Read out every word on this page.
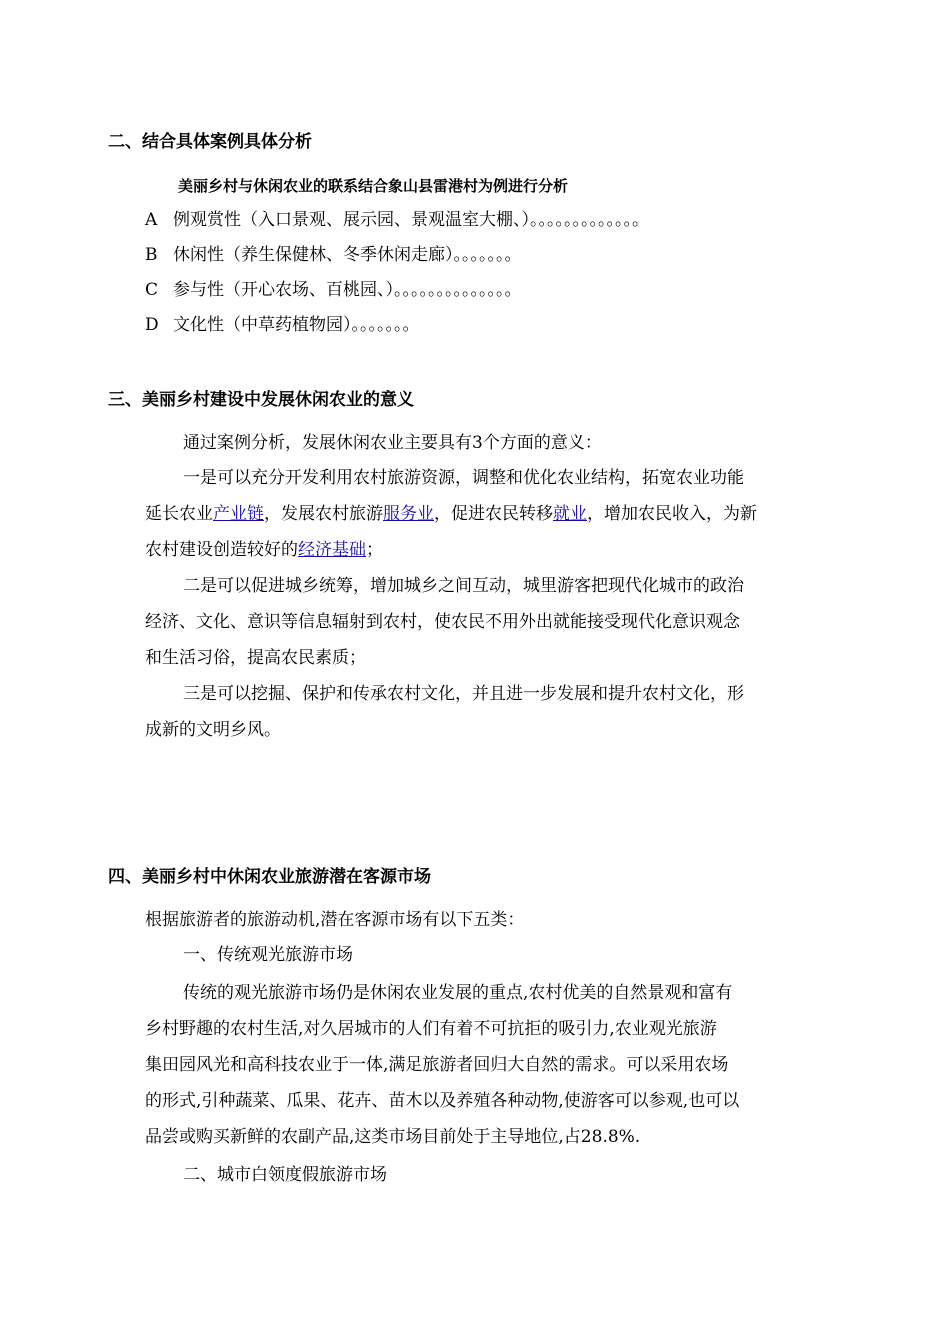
二、结合具体案例具体分析
美丽乡村与休闲农业的联系结合象山县雷港村为例进行分析
A 例观赏性（入口景观、展示园、景观温室大棚、）。。。。。。。。。。。。。
B 休闲性（养生保健林、冬季休闲走廊）。。。。。。。
C 参与性（开心农场、百桃园、）。。。。。。。。。。。。。。
D 文化性（中草药植物园）。。。。。。。
三、美丽乡村建设中发展休闲农业的意义
通过案例分析，发展休闲农业主要具有3个方面的意义：
一是可以充分开发利用农村旅游资源，调整和优化农业结构，拓宽农业功能
延长农业产业链，发展农村旅游服务业，促进农民转移就业，增加农民收入，为新
农村建设创造较好的经济基础；
二是可以促进城乡统筹，增加城乡之间互动，城里游客把现代化城市的政治
经济、文化、意识等信息辐射到农村，使农民不用外出就能接受现代化意识观念
和生活习俗，提高农民素质；
三是可以挖掘、保护和传承农村文化，并且进一步发展和提升农村文化，形
成新的文明乡风。
四、美丽乡村中休闲农业旅游潜在客源市场
根据旅游者的旅游动机,潜在客源市场有以下五类：
一、传统观光旅游市场
传统的观光旅游市场仍是休闲农业发展的重点,农村优美的自然景观和富有
乡村野趣的农村生活,对久居城市的人们有着不可抗拒的吸引力,农业观光旅游
集田园风光和高科技农业于一体,满足旅游者回归大自然的需求。可以采用农场
的形式,引种蔬菜、瓜果、花卉、苗木以及养殖各种动物,使游客可以参观,也可以
品尝或购买新鲜的农副产品,这类市场目前处于主导地位,占28.8%.
二、城市白领度假旅游市场
